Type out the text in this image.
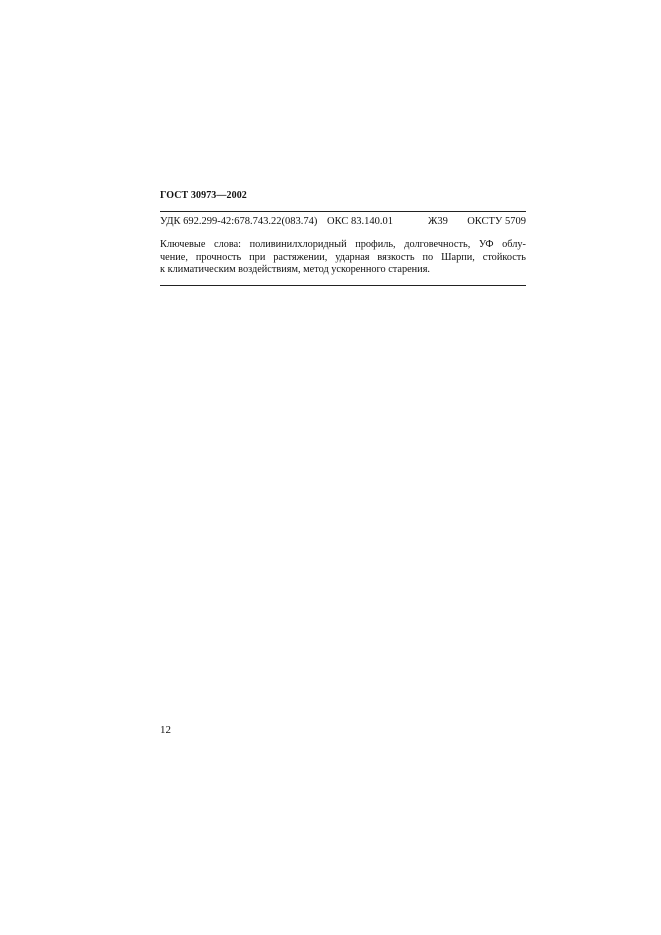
ГОСТ 30973—2002
УДК 692.299-42:678.743.22(083.74) ОКС 83.140.01	Ж39 ОКСТУ 5709
Ключевые слова: поливинилхлоридный профиль, долговечность, УФ облу-
чение, прочность при растяжении, ударная вязкость по Шарпи, стойкость
к климатическим воздействиям, метод ускоренного старения.
12
